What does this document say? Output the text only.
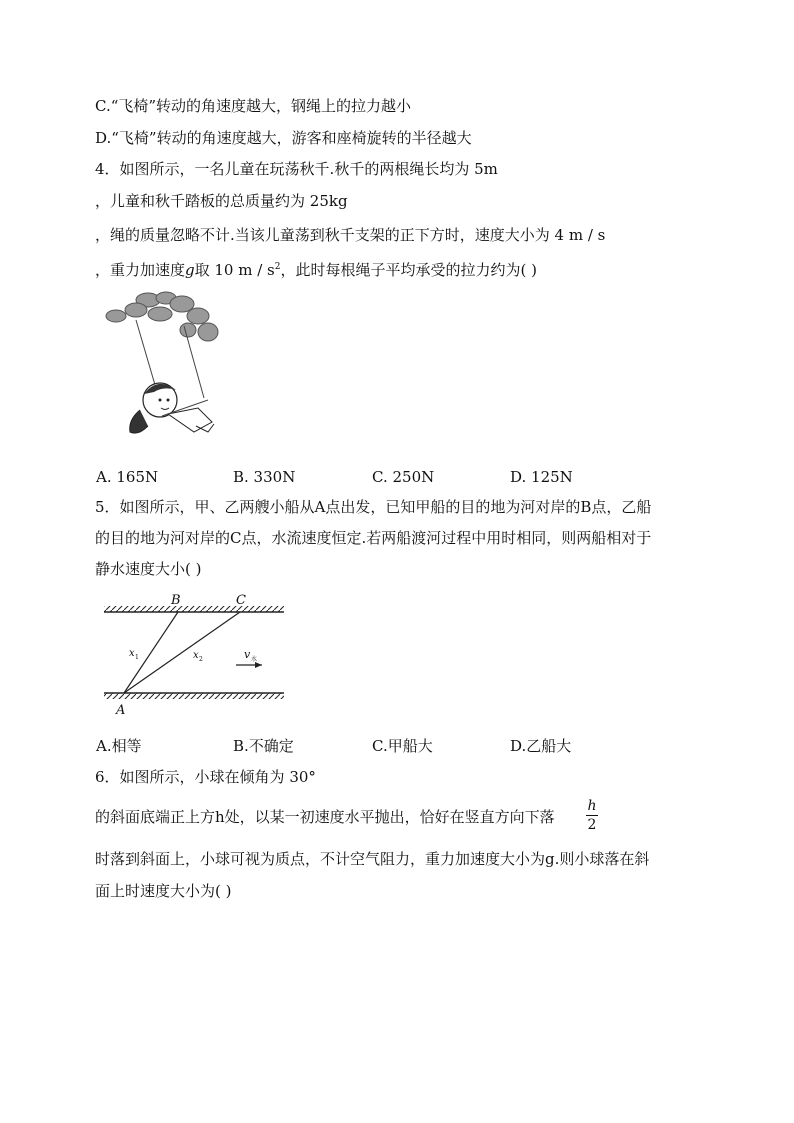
C.“飞椅”转动的角速度越大，钢绳上的拉力越小
D.“飞椅”转动的角速度越大，游客和座椅旋转的半径越大
4．如图所示，一名儿童在玩荡秋千.秋千的两根绳长均为 5m
，儿童和秋千踏板的总质量约为 25kg
，绳的质量忽略不计.当该儿童荡到秋千支架的正下方时，速度大小为 4 m / s
，重力加速度g取 10 m / $s^2$，此时每根绳子平均承受的拉力约为( )
A. 165N	B. 330N	C. 250N	D. 125N
5．如图所示，甲、乙两艘小船从A点出发，已知甲船的目的地为河对岸的B点，乙船
的目的地为河对岸的C点，水流速度恒定.若两船渡河过程中用时相同，则两船相对于
静水速度大小( )
B	C
A
x 1	x 2	v 水
A.相等	B.不确定	C.甲船大	D.乙船大
6．如图所示，小球在倾角为 30°
的斜面底端正上方h处，以某一初速度水平抛出，恰好在竖直方向下落
h
2
时落到斜面上，小球可视为质点，不计空气阻力，重力加速度大小为g.则小球落在斜
面上时速度大小为( )
